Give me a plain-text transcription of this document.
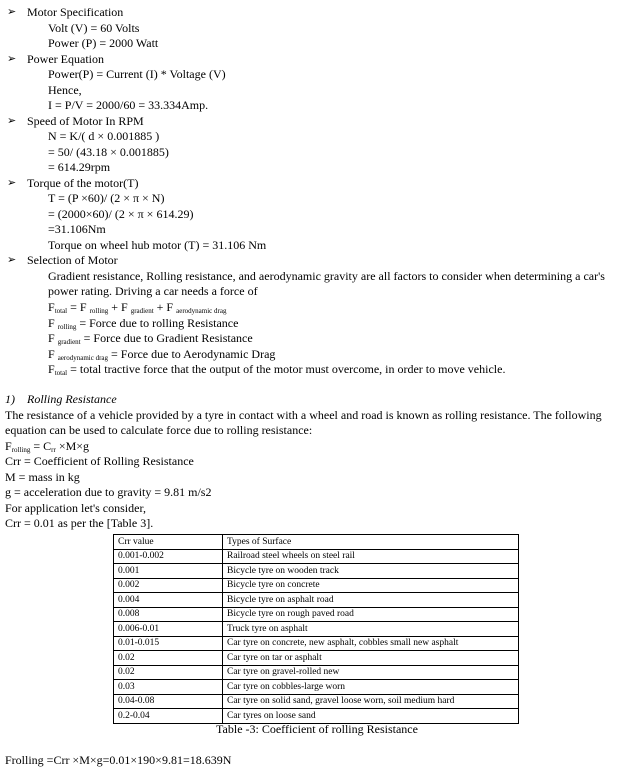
➢ Motor Specification
Volt (V) = 60 Volts
Power (P) = 2000 Watt
➢ Power Equation
Power(P) = Current (I) * Voltage (V)
Hence,
I = P/V = 2000/60 = 33.334Amp.
➢ Speed of Motor In RPM
N = K/( d × 0.001885 )
= 50/ (43.18 × 0.001885)
= 614.29rpm
➢ Torque of the motor(T)
T = (P ×60)/ (2 × π × N)
= (2000×60)/ (2 × π × 614.29)
=31.106Nm
Torque on wheel hub motor (T) = 31.106 Nm
➢ Selection of Motor
Gradient resistance, Rolling resistance, and aerodynamic gravity are all factors to consider when determining a car's power rating. Driving a car needs a force of
$F_{total} = F$ $_{rolling}$ + F $_{gradient}$ + F $_{aerodynamic drag}$
F $_{rolling}$ = Force due to rolling Resistance
F $_{gradient}$ = Force due to Gradient Resistance
F $_{aerodynamic drag}$ = Force due to Aerodynamic Drag
$F_{total}$ = total tractive force that the output of the motor must overcome, in order to move vehicle.
1) Rolling Resistance
The resistance of a vehicle provided by a tyre in contact with a wheel and road is known as rolling resistance. The following equation can be used to calculate force due to rolling resistance:
$F_{rolling} = C_{rr} \times M\times g$
Crr = Coefficient of Rolling Resistance
M = mass in kg
g = acceleration due to gravity = 9.81 m/s2
For application let's consider,
Crr = 0.01 as per the [Table 3].
Crr value	Types of Surface
0.001-0.002	Railroad steel wheels on steel rail
0.001	Bicycle tyre on wooden track
0.002	Bicycle tyre on concrete
0.004	Bicycle tyre on asphalt road
0.008	Bicycle tyre on rough paved road
0.006-0.01	Truck tyre on asphalt
0.01-0.015	Car tyre on concrete, new asphalt, cobbles small new asphalt
0.02	Car tyre on tar or asphalt
0.02	Car tyre on gravel-rolled new
0.03	Car tyre on cobbles-large worn
0.04-0.08	Car tyre on solid sand, gravel loose worn, soil medium hard
0.2-0.04	Car tyres on loose sand
Table -3: Coefficient of rolling Resistance
Frolling =Crr ×M×g=0.01×190×9.81=18.639N
